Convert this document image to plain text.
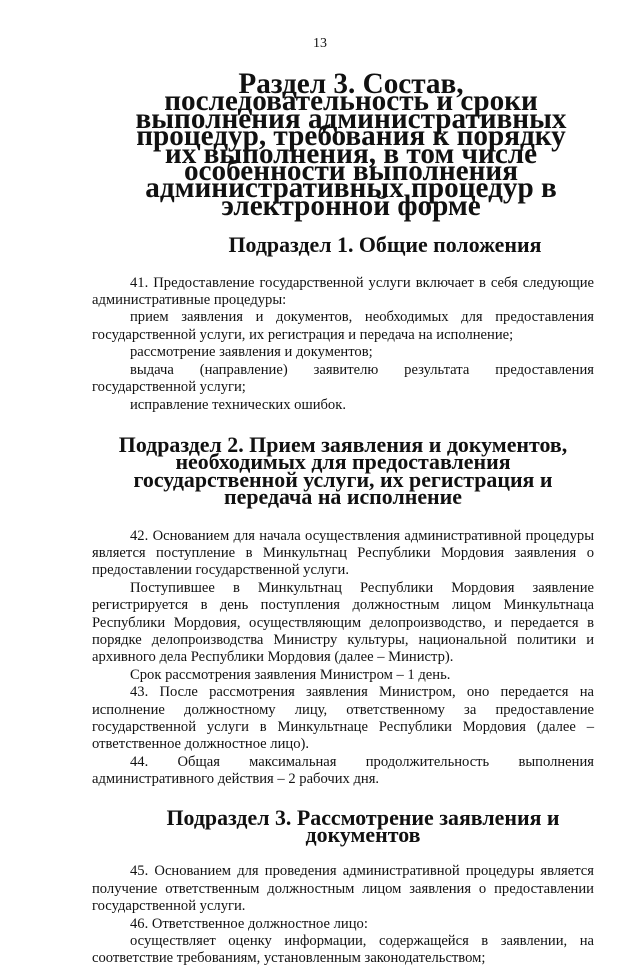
13
Раздел 3. Состав, последовательность и сроки выполнения административных процедур, требования к порядку их выполнения, в том числе особенности выполнения административных процедур в электронной форме
Подраздел 1. Общие положения

41. Предоставление государственной услуги включает в себя следующие административные процедуры:

прием заявления и документов, необходимых для предоставления государственной услуги, их регистрация и передача на исполнение;

рассмотрение заявления и документов;

выдача (направление) заявителю результата предоставления государственной услуги;

исправление технических ошибок.

Подраздел 2. Прием заявления и документов, необходимых для предоставления государственной услуги, их регистрация и передача на исполнение

42. Основанием для начала осуществления административной процедуры является поступление в Минкультнац Республики Мордовия заявления о предоставлении государственной услуги.

Поступившее в Минкультнац Республики Мордовия заявление регистрируется в день поступления должностным лицом Минкультнаца Республики Мордовия, осуществляющим делопроизводство, и передается в порядке делопроизводства Министру культуры, национальной политики и архивного дела Республики Мордовия (далее – Министр).

Срок рассмотрения заявления Министром – 1 день.

43. После рассмотрения заявления Министром, оно передается на исполнение должностному лицу, ответственному за предоставление государственной услуги в Минкультнаце Республики Мордовия (далее – ответственное должностное лицо).

44. Общая максимальная продолжительность выполнения административного действия – 2 рабочих дня.

Подраздел 3. Рассмотрение заявления и документов

45. Основанием для проведения административной процедуры является получение ответственным должностным лицом заявления о предоставлении государственной услуги.

46. Ответственное должностное лицо:

осуществляет оценку информации, содержащейся в заявлении, на соответствие требованиям, установленным законодательством;
